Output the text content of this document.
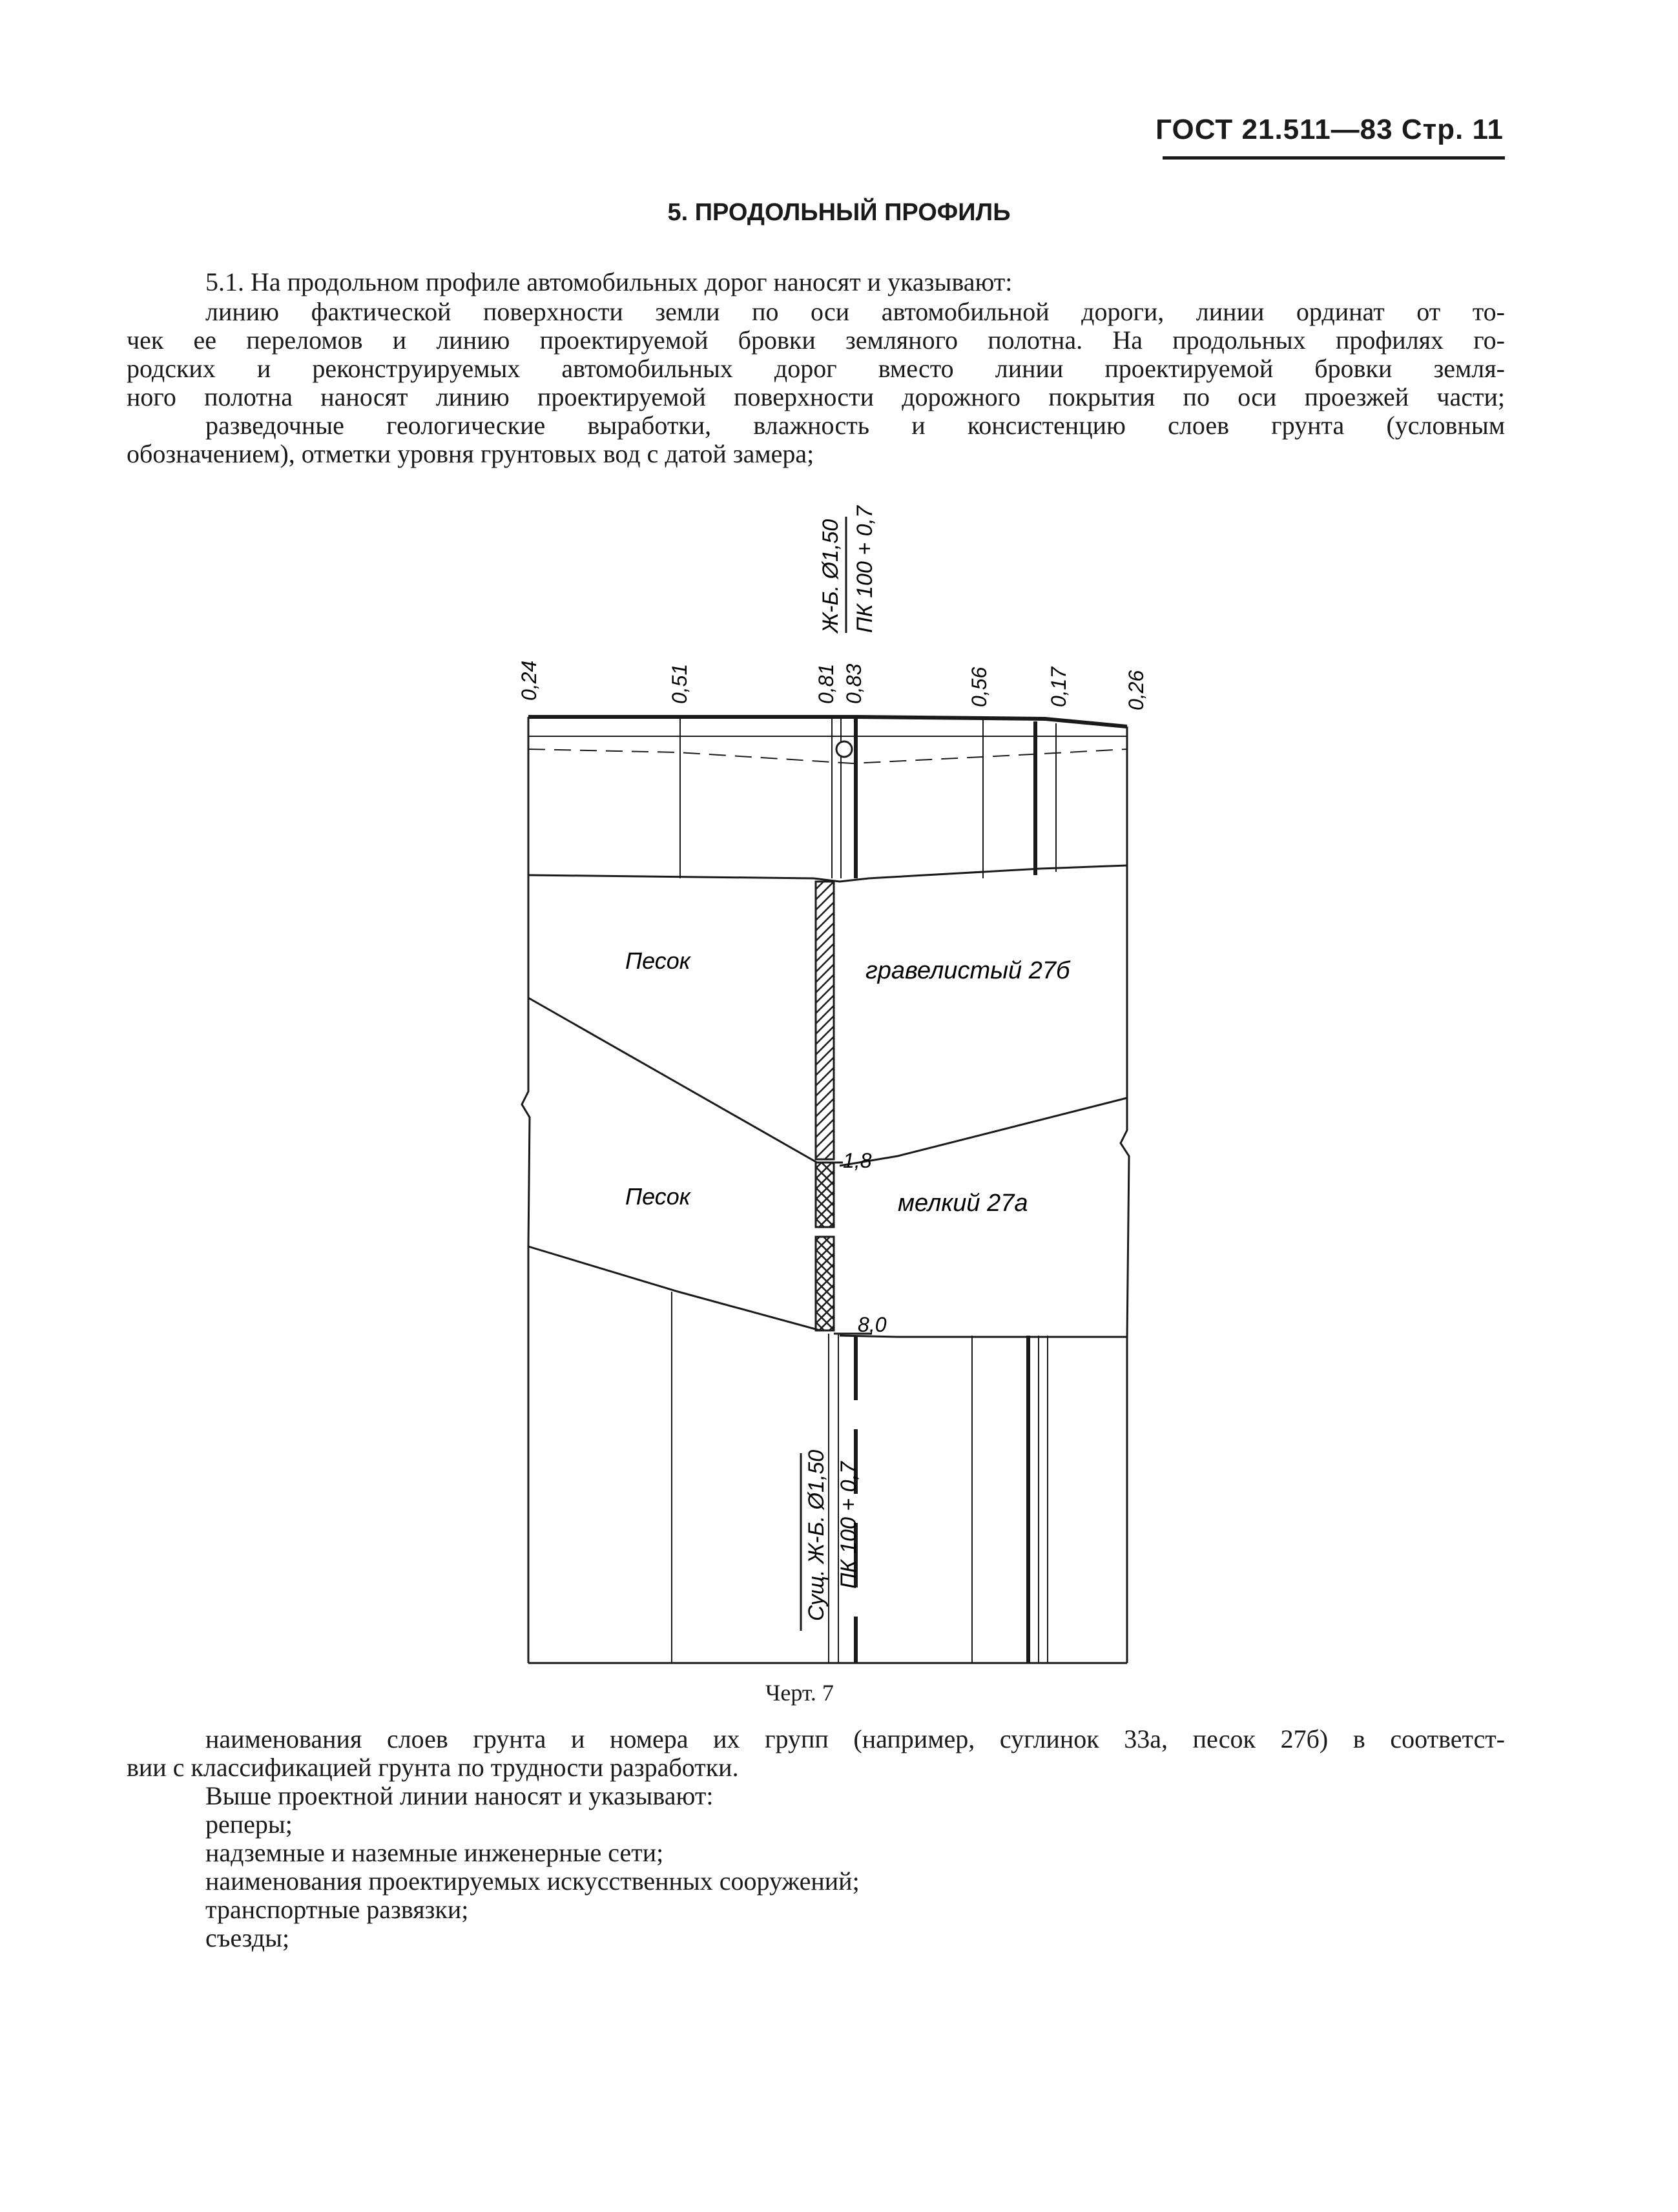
ГОСТ 21.511—83 Стр. 11
5. ПРОДОЛЬНЫЙ ПРОФИЛЬ
5.1. На продольном профиле автомобильных дорог наносят и указывают:
линию фактической поверхности земли по оси автомобильной дороги, линии ординат от то-
чек ее переломов и линию проектируемой бровки земляного полотна. На продольных профилях го-
родских и реконструируемых автомобильных дорог вместо линии проектируемой бровки земля-
ного полотна наносят линию проектируемой поверхности дорожного покрытия по оси проезжей части;
разведочные геологические выработки, влажность и консистенцию слоев грунта (условным
обозначением), отметки уровня грунтовых вод с датой замера;
Ж-Б. Ø1,50 ПК 100 + 0,7
0,24	0,51	0,81 0,83	0,56	0,17	0,26
Песок	гравелистый 27б
Песок	мелкий 27а
1,8
8,0
Сущ. Ж-Б. Ø1,50 ПК 100 + 0,7
Черт. 7
наименования слоев грунта и номера их групп (например, суглинок 33а, песок 27б) в соответст-
вии с классификацией грунта по трудности разработки.
Выше проектной линии наносят и указывают:
реперы;
надземные и наземные инженерные сети;
наименования проектируемых искусственных сооружений;
транспортные развязки;
съезды;
